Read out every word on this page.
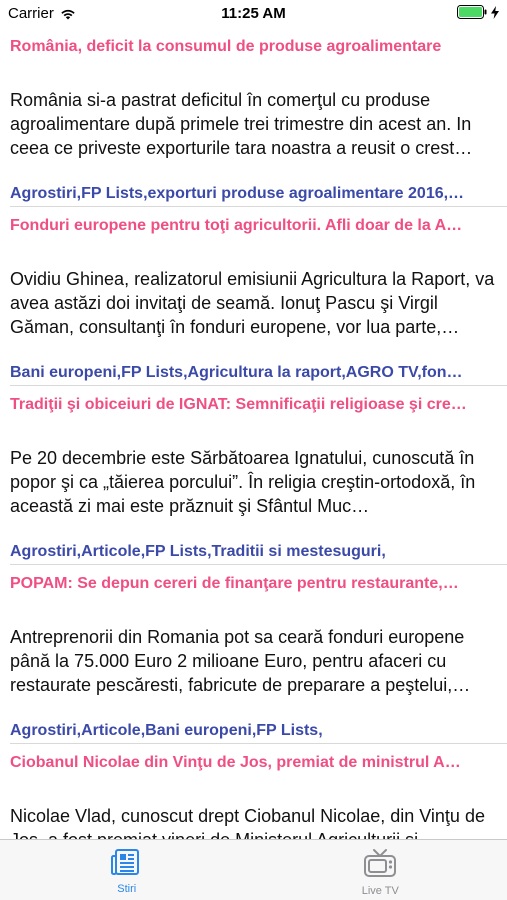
Carrier	11:25 AM
România, deficit la consumul de produse agroalimentare
România si-a pastrat deficitul în comerţul cu produse agroalimentare după primele trei trimestre din acest an. In ceea ce priveste exporturile tara noastra a reusit o crest…
Agrostiri,FP Lists,exporturi produse agroalimentare 2016,…
Fonduri europene pentru toţi agricultorii. Afli doar de la A…
Ovidiu Ghinea, realizatorul emisiunii Agricultura la Raport, va avea astăzi doi invitaţi de seamă. Ionuţ Pascu şi Virgil Găman, consultanţi în fonduri europene, vor lua parte,…
Bani europeni,FP Lists,Agricultura la raport,AGRO TV,fon…
Tradiţii şi obiceiuri de IGNAT: Semnificaţii religioase şi cre…
Pe 20 decembrie este Sărbătoarea Ignatului, cunoscută în popor şi ca „tăierea porcului”. În religia creştin-ortodoxă, în această zi mai este prăznuit şi Sfântul Muc…
Agrostiri,Articole,FP Lists,Traditii si mestesuguri,
POPAM: Se depun cereri de finanţare pentru restaurante,…
Antreprenorii din Romania pot sa ceară fonduri europene până la 75.000 Euro 2 milioane Euro, pentru afaceri cu restaurate pescăresti, fabricute de preparare a peştelui,…
Agrostiri,Articole,Bani europeni,FP Lists,
Ciobanul Nicolae din Vinţu de Jos, premiat de ministrul A…
Nicolae Vlad, cunoscut drept Ciobanul Nicolae, din Vinţu de
Stiri	Live TV
